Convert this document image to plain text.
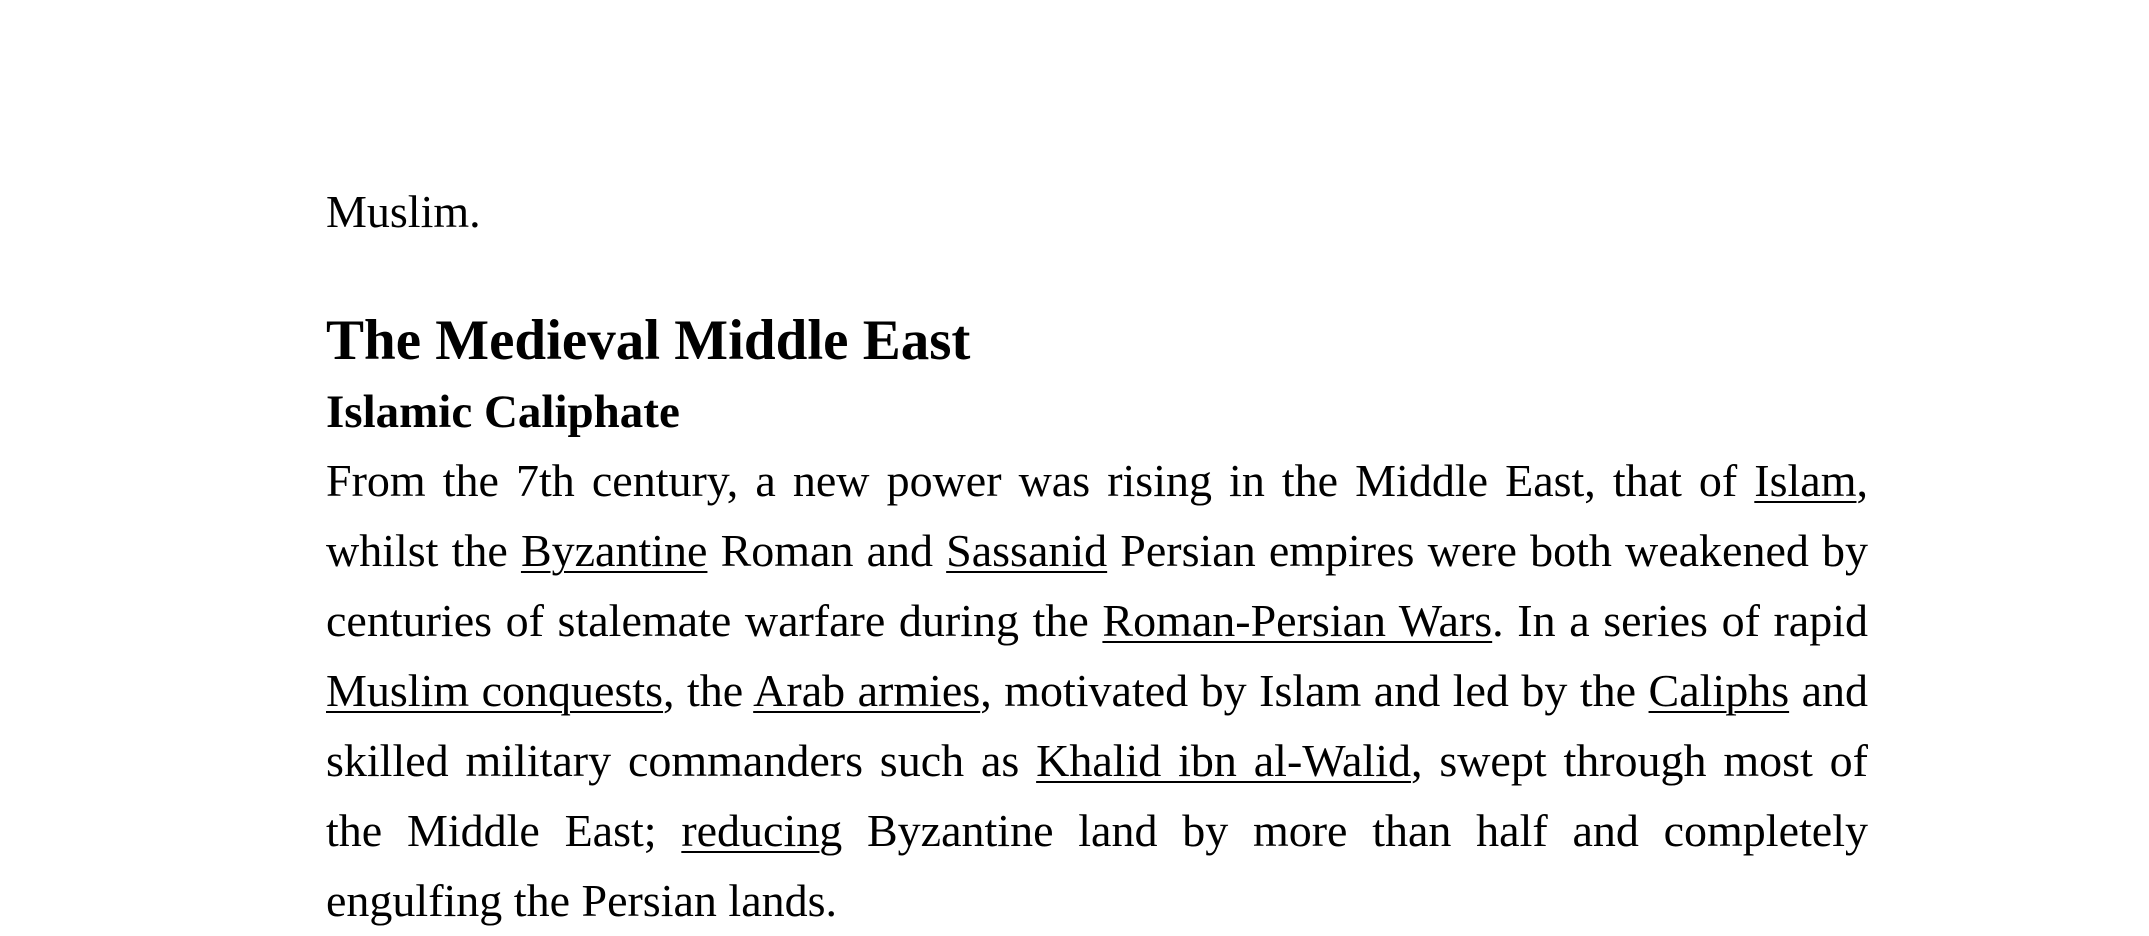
Muslim.

The Medieval Middle East
Islamic Caliphate

From the 7th century, a new power was rising in the Middle East, that of Islam, whilst the Byzantine Roman and Sassanid Persian empires were both weakened by centuries of stalemate warfare during the Roman-Persian Wars. In a series of rapid Muslim conquests, the Arab armies, motivated by Islam and led by the Caliphs and skilled military commanders such as Khalid ibn al-Walid, swept through most of the Middle East; reducing Byzantine land by more than half and completely engulfing the Persian lands.
